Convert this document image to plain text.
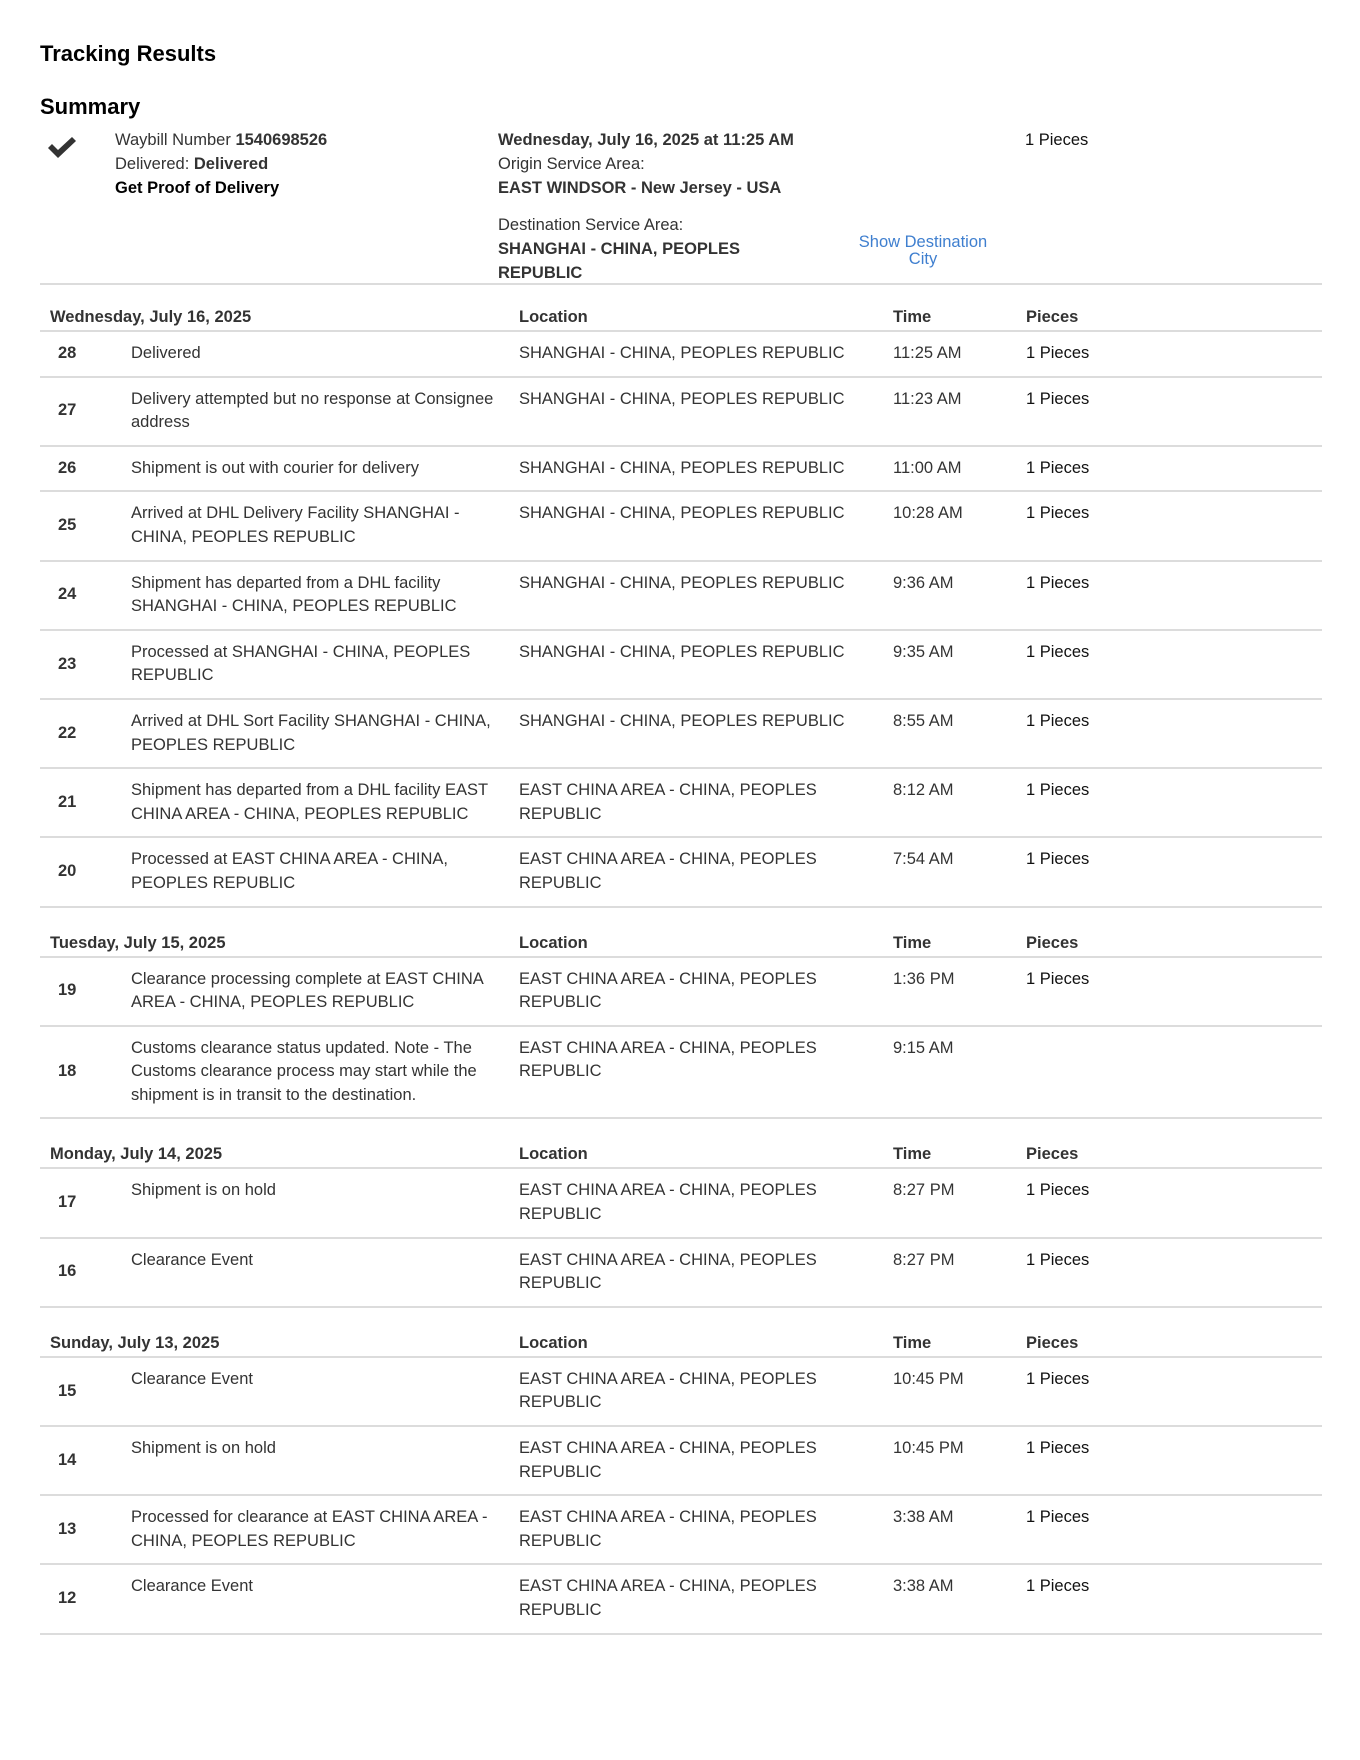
Tracking Results
Summary
Waybill Number 1540698526
Delivered: Delivered
Get Proof of Delivery
Wednesday, July 16, 2025 at 11:25 AM
Origin Service Area:
EAST WINDSOR - New Jersey - USA
Destination Service Area:
SHANGHAI - CHINA, PEOPLES REPUBLIC
Show Destination City
1 Pieces
Wednesday, July 16, 2025		Location	Time	Pieces
28	Delivered	SHANGHAI - CHINA, PEOPLES REPUBLIC	11:25 AM	1 Pieces
27	Delivery attempted but no response at Consignee address	SHANGHAI - CHINA, PEOPLES REPUBLIC	11:23 AM	1 Pieces
26	Shipment is out with courier for delivery	SHANGHAI - CHINA, PEOPLES REPUBLIC	11:00 AM	1 Pieces
25	Arrived at DHL Delivery Facility SHANGHAI - CHINA, PEOPLES REPUBLIC	SHANGHAI - CHINA, PEOPLES REPUBLIC	10:28 AM	1 Pieces
24	Shipment has departed from a DHL facility SHANGHAI - CHINA, PEOPLES REPUBLIC	SHANGHAI - CHINA, PEOPLES REPUBLIC	9:36 AM	1 Pieces
23	Processed at SHANGHAI - CHINA, PEOPLES REPUBLIC	SHANGHAI - CHINA, PEOPLES REPUBLIC	9:35 AM	1 Pieces
22	Arrived at DHL Sort Facility SHANGHAI - CHINA, PEOPLES REPUBLIC	SHANGHAI - CHINA, PEOPLES REPUBLIC	8:55 AM	1 Pieces
21	Shipment has departed from a DHL facility EAST CHINA AREA - CHINA, PEOPLES REPUBLIC	EAST CHINA AREA - CHINA, PEOPLES REPUBLIC	8:12 AM	1 Pieces
20	Processed at EAST CHINA AREA - CHINA, PEOPLES REPUBLIC	EAST CHINA AREA - CHINA, PEOPLES REPUBLIC	7:54 AM	1 Pieces
Tuesday, July 15, 2025		Location	Time	Pieces
19	Clearance processing complete at EAST CHINA AREA - CHINA, PEOPLES REPUBLIC	EAST CHINA AREA - CHINA, PEOPLES REPUBLIC	1:36 PM	1 Pieces
18	Customs clearance status updated. Note - The Customs clearance process may start while the shipment is in transit to the destination.	EAST CHINA AREA - CHINA, PEOPLES REPUBLIC	9:15 AM	
Monday, July 14, 2025		Location	Time	Pieces
17	Shipment is on hold	EAST CHINA AREA - CHINA, PEOPLES REPUBLIC	8:27 PM	1 Pieces
16	Clearance Event	EAST CHINA AREA - CHINA, PEOPLES REPUBLIC	8:27 PM	1 Pieces
Sunday, July 13, 2025		Location	Time	Pieces
15	Clearance Event	EAST CHINA AREA - CHINA, PEOPLES REPUBLIC	10:45 PM	1 Pieces
14	Shipment is on hold	EAST CHINA AREA - CHINA, PEOPLES REPUBLIC	10:45 PM	1 Pieces
13	Processed for clearance at EAST CHINA AREA - CHINA, PEOPLES REPUBLIC	EAST CHINA AREA - CHINA, PEOPLES REPUBLIC	3:38 AM	1 Pieces
12	Clearance Event	EAST CHINA AREA - CHINA, PEOPLES REPUBLIC	3:38 AM	1 Pieces
